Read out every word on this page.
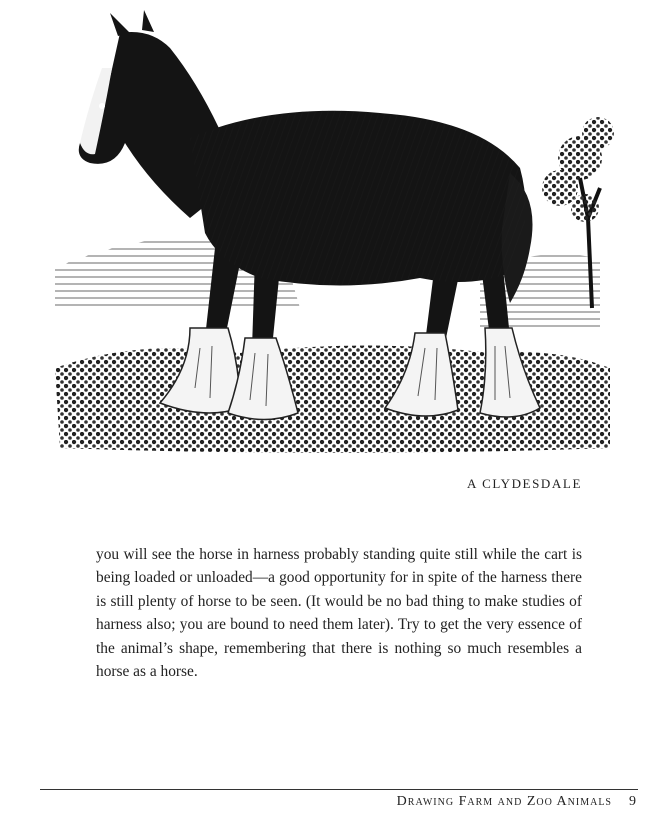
A CLYDESDALE

you will see the horse in harness probably standing quite still while the cart is being loaded or unloaded—a good opportunity for in spite of the harness there is still plenty of horse to be seen. (It would be no bad thing to make studies of harness also; you are bound to need them later). Try to get the very essence of the animal’s shape, remembering that there is nothing so much resembles a horse as a horse.

Drawing Farm and Zoo Animals 9
